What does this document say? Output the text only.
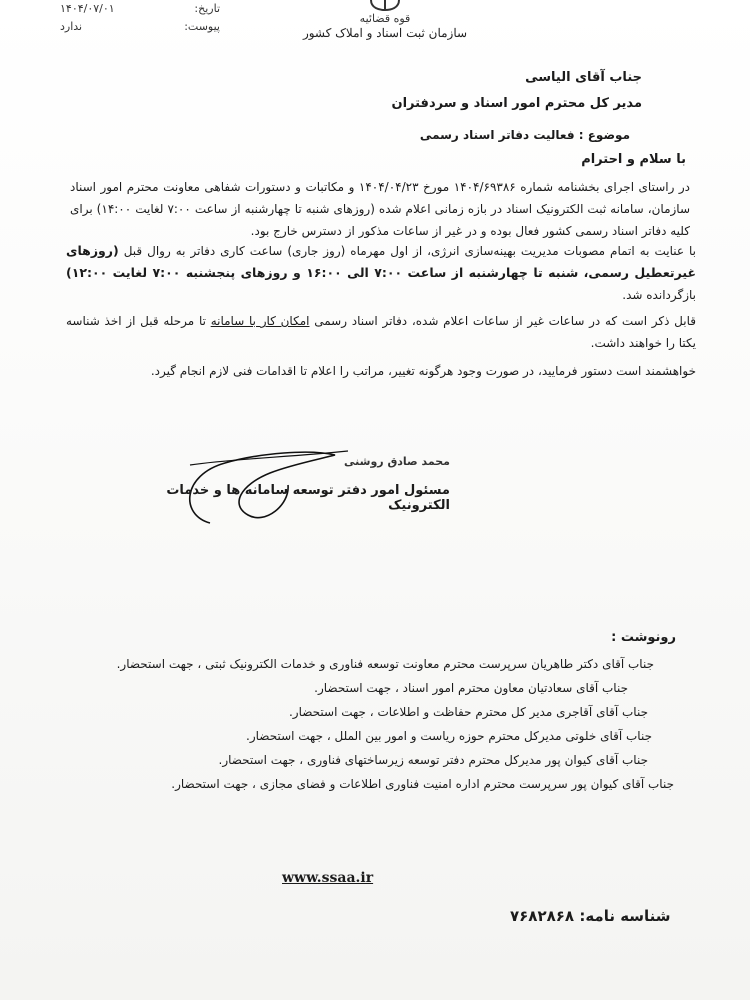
تاریخ:
۱۴۰۴/۰۷/۰۱
پیوست:
ندارد
قوه قضائیه
سازمان ثبت اسناد و املاک کشور
جناب آقای الیاسی
مدیر کل محترم امور اسناد و سردفتران
موضوع : فعالیت دفاتر اسناد رسمی
با سلام و احترام
در راستای اجرای بخشنامه شماره ۱۴۰۴/۶۹۳۸۶ مورخ ۱۴۰۴/۰۴/۲۳ و مکاتبات و دستورات شفاهی معاونت محترم امور اسناد سازمان، سامانه ثبت الکترونیک اسناد در بازه زمانی اعلام شده (روزهای شنبه تا چهارشنبه از ساعت ۷:۰۰ لغایت ۱۴:۰۰) برای کلیه دفاتر اسناد رسمی کشور فعال بوده و در غیر از ساعات مذکور از دسترس خارج بود.
با عنایت به اتمام مصوبات مدیریت بهینه‌سازی انرژی، از اول مهرماه (روز جاری) ساعت کاری دفاتر به روال قبل (روزهای غیرتعطیل رسمی، شنبه تا چهارشنبه از ساعت ۷:۰۰ الی ۱۶:۰۰ و روزهای پنجشنبه ۷:۰۰ لغایت ۱۲:۰۰) بازگردانده شد.
قابل ذکر است که در ساعات غیر از ساعات اعلام شده، دفاتر اسناد رسمی امکان کار با سامانه تا مرحله قبل از اخذ شناسه یکتا را خواهند داشت.
خواهشمند است دستور فرمایید، در صورت وجود هرگونه تغییر، مراتب را اعلام تا اقدامات فنی لازم انجام گیرد.
محمد صادق روشنی
مسئول امور دفتر توسعه سامانه ها و خدمات الکترونیک
رونوشت :
جناب آقای دکتر طاهریان سرپرست محترم معاونت توسعه فناوری و خدمات الکترونیک ثبتی ، جهت استحضار.
جناب آقای سعادتیان معاون محترم امور اسناد ، جهت استحضار.
جناب آقای آقاجری مدیر کل محترم حفاظت و اطلاعات ، جهت استحضار.
جناب آقای خلوتی مدیرکل محترم حوزه ریاست و امور بین الملل ، جهت استحضار.
جناب آقای کیوان پور مدیرکل محترم دفتر توسعه زیرساختهای فناوری ، جهت استحضار.
جناب آقای کیوان پور سرپرست محترم اداره امنیت فناوری اطلاعات و فضای مجازی ، جهت استحضار.
www.ssaa.ir
شناسه نامه: ۷۶۸۲۸۶۸
